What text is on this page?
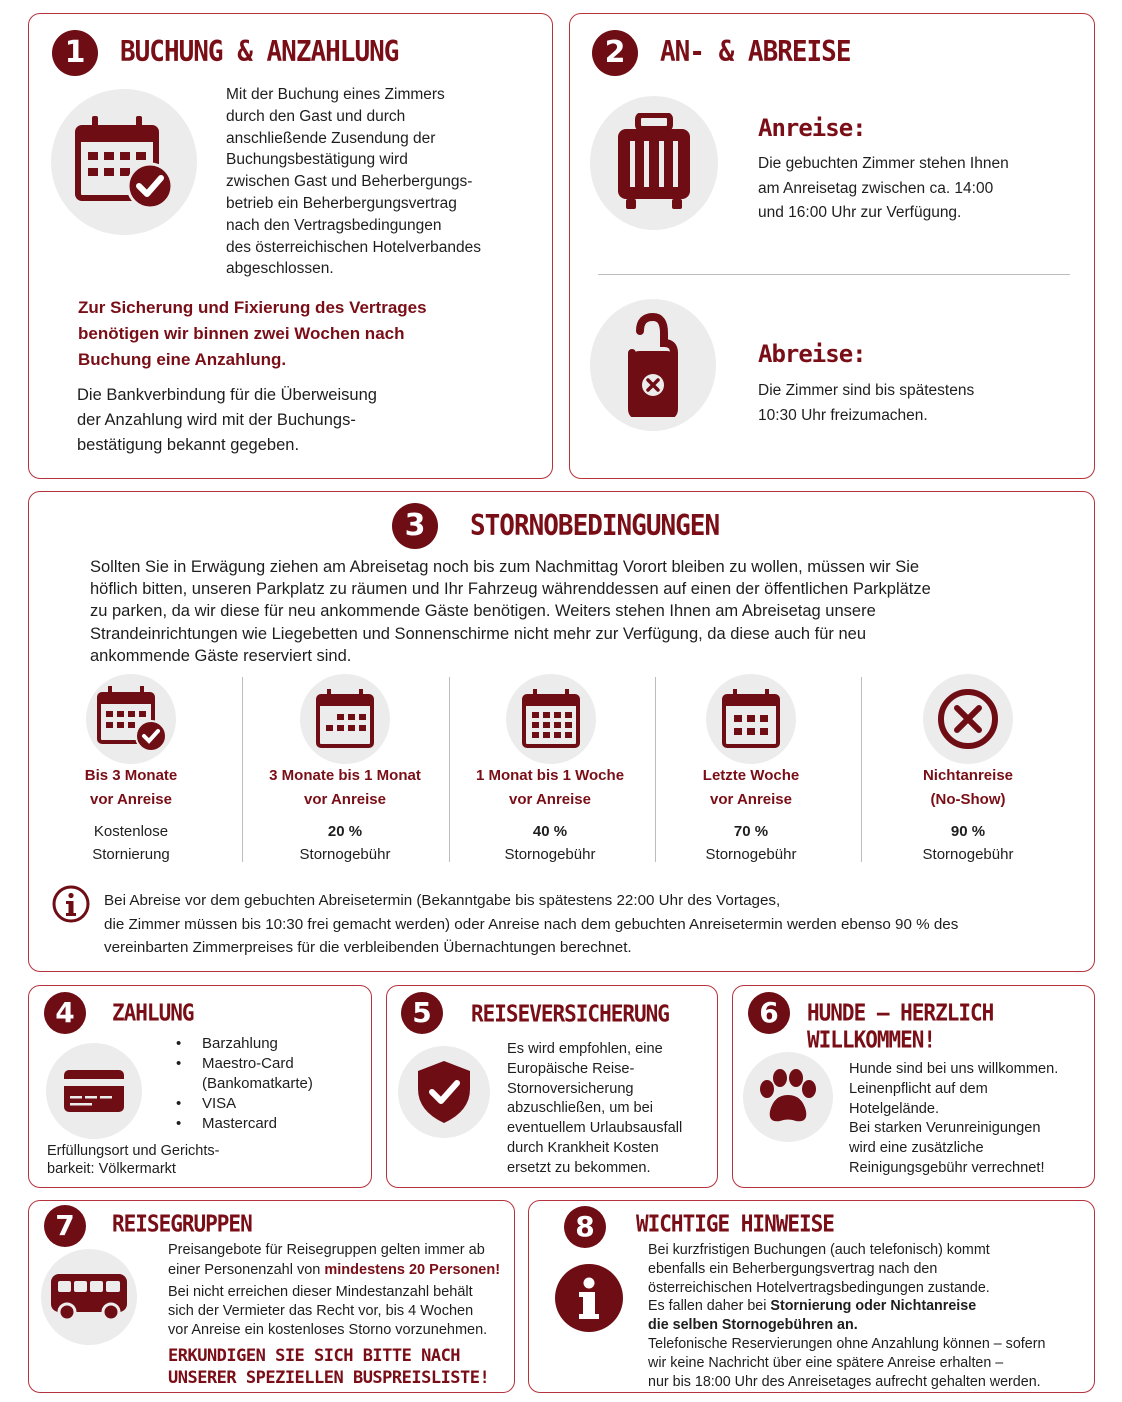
1	BUCHUNG & ANZAHLUNG
Mit der Buchung eines Zimmers
durch den Gast und durch
anschließende Zusendung der
Buchungsbestätigung wird
zwischen Gast und Beherbergungs-
betrieb ein Beherbergungsvertrag
nach den Vertragsbedingungen
des österreichischen Hotelverbandes
abgeschlossen.
Zur Sicherung und Fixierung des Vertrages
benötigen wir binnen zwei Wochen nach
Buchung eine Anzahlung.
Die Bankverbindung für die Überweisung
der Anzahlung wird mit der Buchungs-
bestätigung bekannt gegeben.
2	AN- & ABREISE
Anreise:
Die gebuchten Zimmer stehen Ihnen
am Anreisetag zwischen ca. 14:00
und 16:00 Uhr zur Verfügung.
Abreise:
Die Zimmer sind bis spätestens
10:30 Uhr freizumachen.
3	STORNOBEDINGUNGEN
Sollten Sie in Erwägung ziehen am Abreisetag noch bis zum Nachmittag Vorort bleiben zu wollen, müssen wir Sie
höflich bitten, unseren Parkplatz zu räumen und Ihr Fahrzeug währenddessen auf einen der öffentlichen Parkplätze
zu parken, da wir diese für neu ankommende Gäste benötigen. Weiters stehen Ihnen am Abreisetag unsere
Strandeinrichtungen wie Liegebetten und Sonnenschirme nicht mehr zur Verfügung, da diese auch für neu
ankommende Gäste reserviert sind.
Bis 3 Monate
vor Anreise
Kostenlose
Stornierung
3 Monate bis 1 Monat
vor Anreise
20 %
Stornogebühr
1 Monat bis 1 Woche
vor Anreise
40 %
Stornogebühr
Letzte Woche
vor Anreise
70 %
Stornogebühr
Nichtanreise
(No-Show)
90 %
Stornogebühr
Bei Abreise vor dem gebuchten Abreisetermin (Bekanntgabe bis spätestens 22:00 Uhr des Vortages,
die Zimmer müssen bis 10:30 frei gemacht werden) oder Anreise nach dem gebuchten Anreisetermin werden ebenso 90 % des
vereinbarten Zimmerpreises für die verbleibenden Übernachtungen berechnet.
4	ZAHLUNG
• Barzahlung
• Maestro-Card
(Bankomatkarte)
• VISA
• Mastercard
Erfüllungsort und Gerichts-
barkeit: Völkermarkt
5	REISEVERSICHERUNG
Es wird empfohlen, eine
Europäische Reise-
Stornoversicherung
abzuschließen, um bei
eventuellem Urlaubsausfall
durch Krankheit Kosten
ersetzt zu bekommen.
6	HUNDE – HERZLICH
WILLKOMMEN!
Hunde sind bei uns willkommen.
Leinenpflicht auf dem
Hotelgelände.
Bei starken Verunreinigungen
wird eine zusätzliche
Reinigungsgebühr verrechnet!
7	REISEGRUPPEN
Preisangebote für Reisegruppen gelten immer ab
einer Personenzahl von mindestens 20 Personen!
Bei nicht erreichen dieser Mindestanzahl behält
sich der Vermieter das Recht vor, bis 4 Wochen
vor Anreise ein kostenloses Storno vorzunehmen.
ERKUNDIGEN SIE SICH BITTE NACH
UNSERER SPEZIELLEN BUSPREISLISTE!
8	WICHTIGE HINWEISE
Bei kurzfristigen Buchungen (auch telefonisch) kommt
ebenfalls ein Beherbergungsvertrag nach den
österreichischen Hotelvertragsbedingungen zustande.
Es fallen daher bei Stornierung oder Nichtanreise
die selben Stornogebühren an.
Telefonische Reservierungen ohne Anzahlung können – sofern
wir keine Nachricht über eine spätere Anreise erhalten –
nur bis 18:00 Uhr des Anreisetages aufrecht gehalten werden.
